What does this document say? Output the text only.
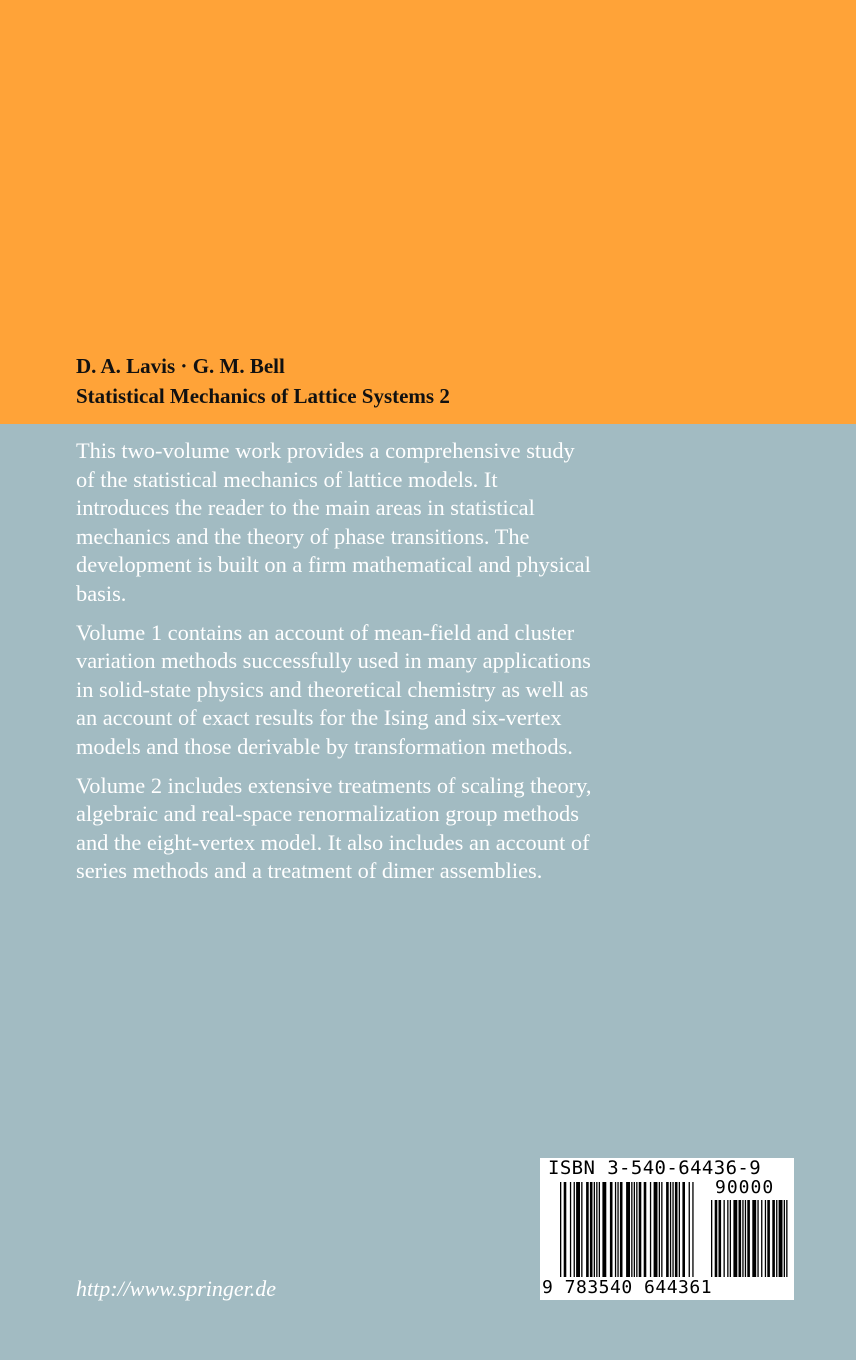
D. A. Lavis · G. M. Bell
Statistical Mechanics of Lattice Systems 2

This two-volume work provides a comprehensive study of the statistical mechanics of lattice models. It introduces the reader to the main areas in statistical mechanics and the theory of phase transitions. The development is built on a firm mathematical and physical basis.

Volume 1 contains an account of mean-field and cluster variation methods successfully used in many applications in solid-state physics and theoretical chemistry as well as an account of exact results for the Ising and six-vertex models and those derivable by transformation methods.

Volume 2 includes extensive treatments of scaling theory, algebraic and real-space renormalization group methods and the eight-vertex model. It also includes an account of series methods and a treatment of dimer assemblies.

http://www.springer.de
ISBN 3-540-64436-9
90000
9 783540 644361
